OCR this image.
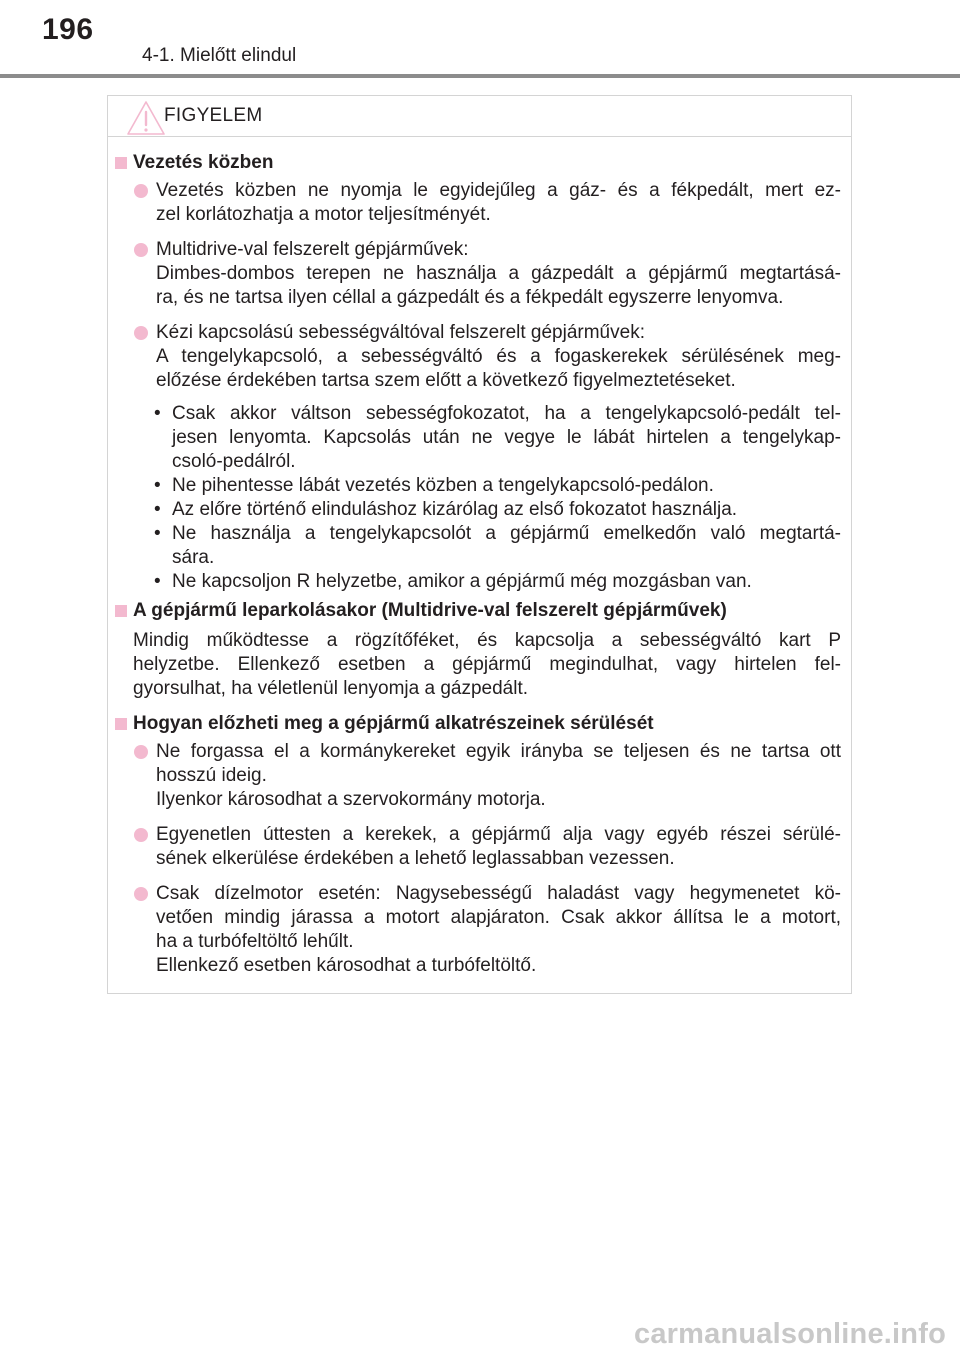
196
4-1. Mielőtt elindul
FIGYELEM
Vezetés közben
Vezetés közben ne nyomja le egyidejűleg a gáz- és a fékpedált, mert ez-
zel korlátozhatja a motor teljesítményét.
Multidrive-val felszerelt gépjárművek:
Dimbes-dombos terepen ne használja a gázpedált a gépjármű megtartásá-
ra, és ne tartsa ilyen céllal a gázpedált és a fékpedált egyszerre lenyomva.
Kézi kapcsolású sebességváltóval felszerelt gépjárművek:
A tengelykapcsoló, a sebességváltó és a fogaskerekek sérülésének meg-
előzése érdekében tartsa szem előtt a következő figyelmeztetéseket.
• Csak akkor váltson sebességfokozatot, ha a tengelykapcsoló-pedált tel-
jesen lenyomta. Kapcsolás után ne vegye le lábát hirtelen a tengelykap-
csoló-pedálról.
• Ne pihentesse lábát vezetés közben a tengelykapcsoló-pedálon.
• Az előre történő elinduláshoz kizárólag az első fokozatot használja.
• Ne használja a tengelykapcsolót a gépjármű emelkedőn való megtartá-
sára.
• Ne kapcsoljon R helyzetbe, amikor a gépjármű még mozgásban van.
A gépjármű leparkolásakor (Multidrive-val felszerelt gépjárművek)
Mindig működtesse a rögzítőféket, és kapcsolja a sebességváltó kart P
helyzetbe. Ellenkező esetben a gépjármű megindulhat, vagy hirtelen fel-
gyorsulhat, ha véletlenül lenyomja a gázpedált.
Hogyan előzheti meg a gépjármű alkatrészeinek sérülését
Ne forgassa el a kormánykereket egyik irányba se teljesen és ne tartsa ott
hosszú ideig.
Ilyenkor károsodhat a szervokormány motorja.
Egyenetlen úttesten a kerekek, a gépjármű alja vagy egyéb részei sérülé-
sének elkerülése érdekében a lehető leglassabban vezessen.
Csak dízelmotor esetén: Nagysebességű haladást vagy hegymenetet kö-
vetően mindig járassa a motort alapjáraton. Csak akkor állítsa le a motort,
ha a turbófeltöltő lehűlt.
Ellenkező esetben károsodhat a turbófeltöltő.
carmanualsonline.info
